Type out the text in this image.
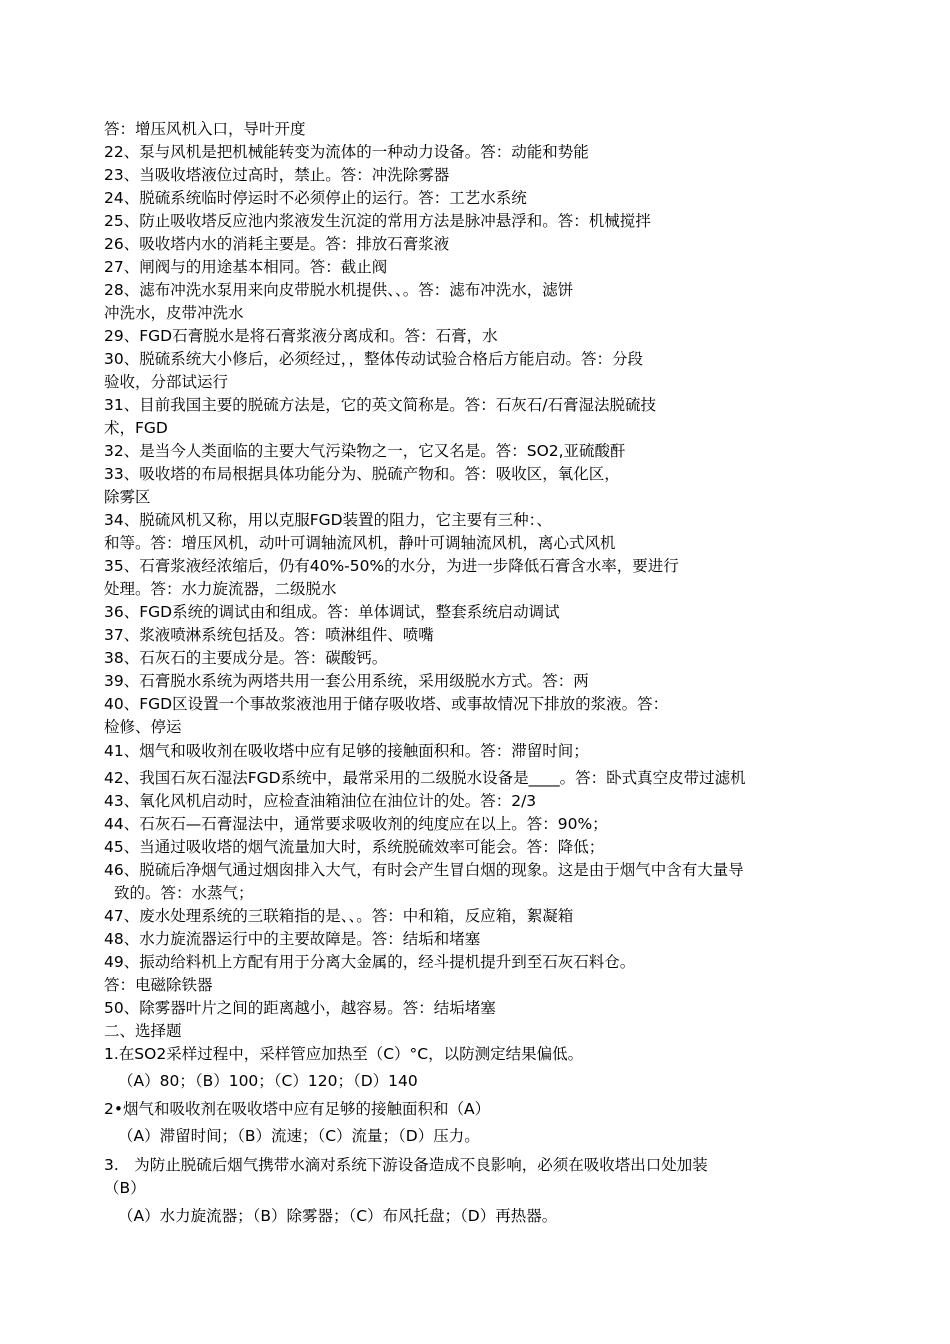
答：增压风机入口，导叶开度
22、泵与风机是把机械能转变为流体的一种动力设备。答：动能和势能
23、当吸收塔液位过高时，禁止。答：冲洗除雾器
24、脱硫系统临时停运时不必须停止的运行。答：工艺水系统
25、防止吸收塔反应池内浆液发生沉淀的常用方法是脉冲悬浮和。答：机械搅拌
26、吸收塔内水的消耗主要是。答：排放石膏浆液
27、闸阀与的用途基本相同。答：截止阀
28、滤布冲洗水泵用来向皮带脱水机提供、、。答：滤布冲洗水，滤饼
冲洗水，皮带冲洗水
29、FGD石膏脱水是将石膏浆液分离成和。答：石膏，水
30、脱硫系统大小修后，必须经过，，整体传动试验合格后方能启动。答：分段
验收，分部试运行
31、目前我国主要的脱硫方法是，它的英文简称是。答：石灰石/石膏湿法脱硫技
术，FGD
32、是当今人类面临的主要大气污染物之一，它又名是。答：SO2,亚硫酸酐
33、吸收塔的布局根据具体功能分为、脱硫产物和。答：吸收区，氧化区，
除雾区
34、脱硫风机又称，用以克服FGD装置的阻力，它主要有三种：、
和等。答：增压风机，动叶可调轴流风机，静叶可调轴流风机，离心式风机
35、石膏浆液经浓缩后，仍有40%-50%的水分，为进一步降低石膏含水率，要进行
处理。答：水力旋流器，二级脱水
36、FGD系统的调试由和组成。答：单体调试，整套系统启动调试
37、浆液喷淋系统包括及。答：喷淋组件、喷嘴
38、石灰石的主要成分是。答：碳酸钙。
39、石膏脱水系统为两塔共用一套公用系统，采用级脱水方式。答：两
40、FGD区设置一个事故浆液池用于储存吸收塔、或事故情况下排放的浆液。答：
检修、停运
41、烟气和吸收剂在吸收塔中应有足够的接触面积和。答：滞留时间；
42、我国石灰石湿法FGD系统中，最常采用的二级脱水设备是____。答：卧式真空皮带过滤机
43、氧化风机启动时，应检查油箱油位在油位计的处。答：2/3
44、石灰石—石膏湿法中，通常要求吸收剂的纯度应在以上。答：90%；
45、当通过吸收塔的烟气流量加大时，系统脱硫效率可能会。答：降低；
46、脱硫后净烟气通过烟囱排入大气，有时会产生冒白烟的现象。这是由于烟气中含有大量导
致的。答：水蒸气；
47、废水处理系统的三联箱指的是、、。答：中和箱，反应箱，絮凝箱
48、水力旋流器运行中的主要故障是。答：结垢和堵塞
49、振动给料机上方配有用于分离大金属的，经斗提机提升到至石灰石料仓。
答：电磁除铁器
50、除雾器叶片之间的距离越小，越容易。答：结垢堵塞
二、选择题
1.在SO2采样过程中，采样管应加热至（C）°C，以防测定结果偏低。
（A）80；（B）100；（C）120；（D）140
2•烟气和吸收剂在吸收塔中应有足够的接触面积和（A）
（A）滞留时间；（B）流速；（C）流量；（D）压力。
3.　为防止脱硫后烟气携带水滴对系统下游设备造成不良影响，必须在吸收塔出口处加装
（B）
（A）水力旋流器；（B）除雾器；（C）布风托盘；（D）再热器。
